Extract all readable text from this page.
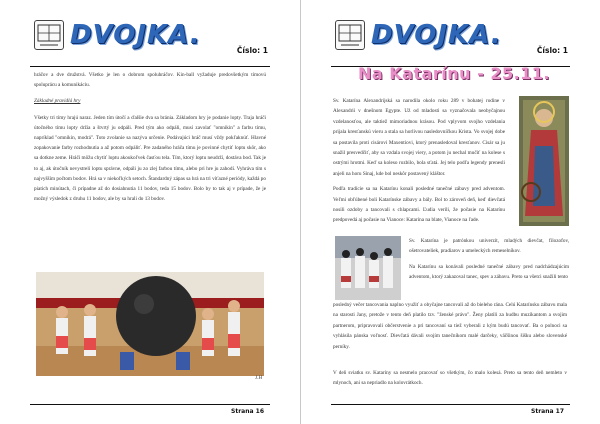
DVOJKA.
Číslo: 1

hráčov a dve družstvá. Všetko je len o dobrom spoluhráčov. Kin-ball vyžaduje predovšetkým tímovú spoluprácu a komunikáciu.

Základné pravidlá hry

Všetky tri tímy hrajú naraz. Jeden tím útočí a ďalšie dva sa bránia. Základom hry je podanie lopty. Traja hráči útočného tímu lopty držia a štvrtý ju odpáli. Pred tým ako odpáli, musí zavolať "omnikin" a farbu tímu, napríklad "omnikin, modrá". Toto zvolanie sa nazýva určenie. Podávajúci hráč musí vždy pokľaknúť. Hlavné zopakovanie farby rozhodnutia a až potom odpáliť. Pre zadaného hráča tímu je povinné chytiť loptu skôr, ako sa dotkne zeme. Hráči môžu chytiť loptu akoukoľvek časťou tela. Tím, ktorý loptu neudrží, dostáva bod. Tak je to aj, ak útočník nevystrelí loptu správne, odpáli ju zo zlej farbou tímu, alebo pri hre ju zahodí. Vyhráva tím s najvyšším počtom bodov. Hrá sa v niekoľkých setoch. Štandardný zápas sa hrá na tri víťazné periódy, každá po piatich minútach, či prípadne až do dosiahnutia 11 bodov, teda 15 bodov. Bolo by to tak aj v prípade, že je možný výsledok z druhu 11 bodov, ale by sa hrali do 13 bodov.

J.H
Strana 16
DVOJKA.
Číslo: 1
Na Katarínu - 25.11.

Sv. Katarína Alexandrijská sa narodila okolo roku 289 v bohatej rodine v Alexandrii v dnešnom Egypte. Už od mladosti sa vyznačovala neobyčajnou vzdelanosťou, ale taktiež mimoriadnou krásou. Pod vplyvom svojho vzdelania prijala kresťanskú vieru a stala sa horlivou nasledovníčkou Krista. Vo svojej dobe sa postavila proti cisárovi Maxentiovi, ktorý prenasledoval kresťanov. Cisár sa ju snažil presvedčiť, aby sa vzdala svojej viery, a potom ju nechal mučiť na kolese s ostrými hrotmi. Keď sa koleso rozbilo, bola sťatá. Jej telo podľa legendy prenesli anjeli na horu Sinaj, kde bol neskôr postavený kláštor.

Podľa tradície sa na Katarínu konali posledné tanečné zábavy pred adventom. Veľmi obľúbené boli Katarínske zábavy a bály. Bol to zároveň deň, keď dievčatá nosili ozdoby a tancovali s chlapcami. Ľudia verili, že počasie na Katarínu predpovedá aj počasie na Vianoce: Katarína na blate, Vianoce na ľade.

Sv. Katarína je patrónkou univerzít, mladých dievčat, filozofov, ošetrovateliek, pradiarov a umeleckých remeselníkov.

Na Katarínu sa konávali posledné tanečné zábavy pred nadchádzajúcim adventom, ktorý zakazoval tanec, spev a zábavu. Preto sa všetci snažili tento

posledný večer tancovania naplno využiť a obyčajne tancovali až do bieleho rána. Celú Katarínsku zábavu mala na starosti Jany, pretože v tento deň platilo tzv. "ženské právo". Ženy platili za hudbu muzikantom a svojim partnerom, pripravovali občerstvenie a pri tancovaní sa tiež vyberali z kým budú tancovať. Ba o polnoci sa vyhlásila pánska voľnosť. Dievčatá dávali svojím tanečníkom malé darčeky, väčšinou šišku alebo slovenské perníky.

V deň sviatku sv. Kataríny sa nesmelo pracovať so všetkým, čo malo kolesá. Preto sa tento deň nemleto v mlynoch, ani sa nepriadlo na kolovrátkoch.

Strana 17
